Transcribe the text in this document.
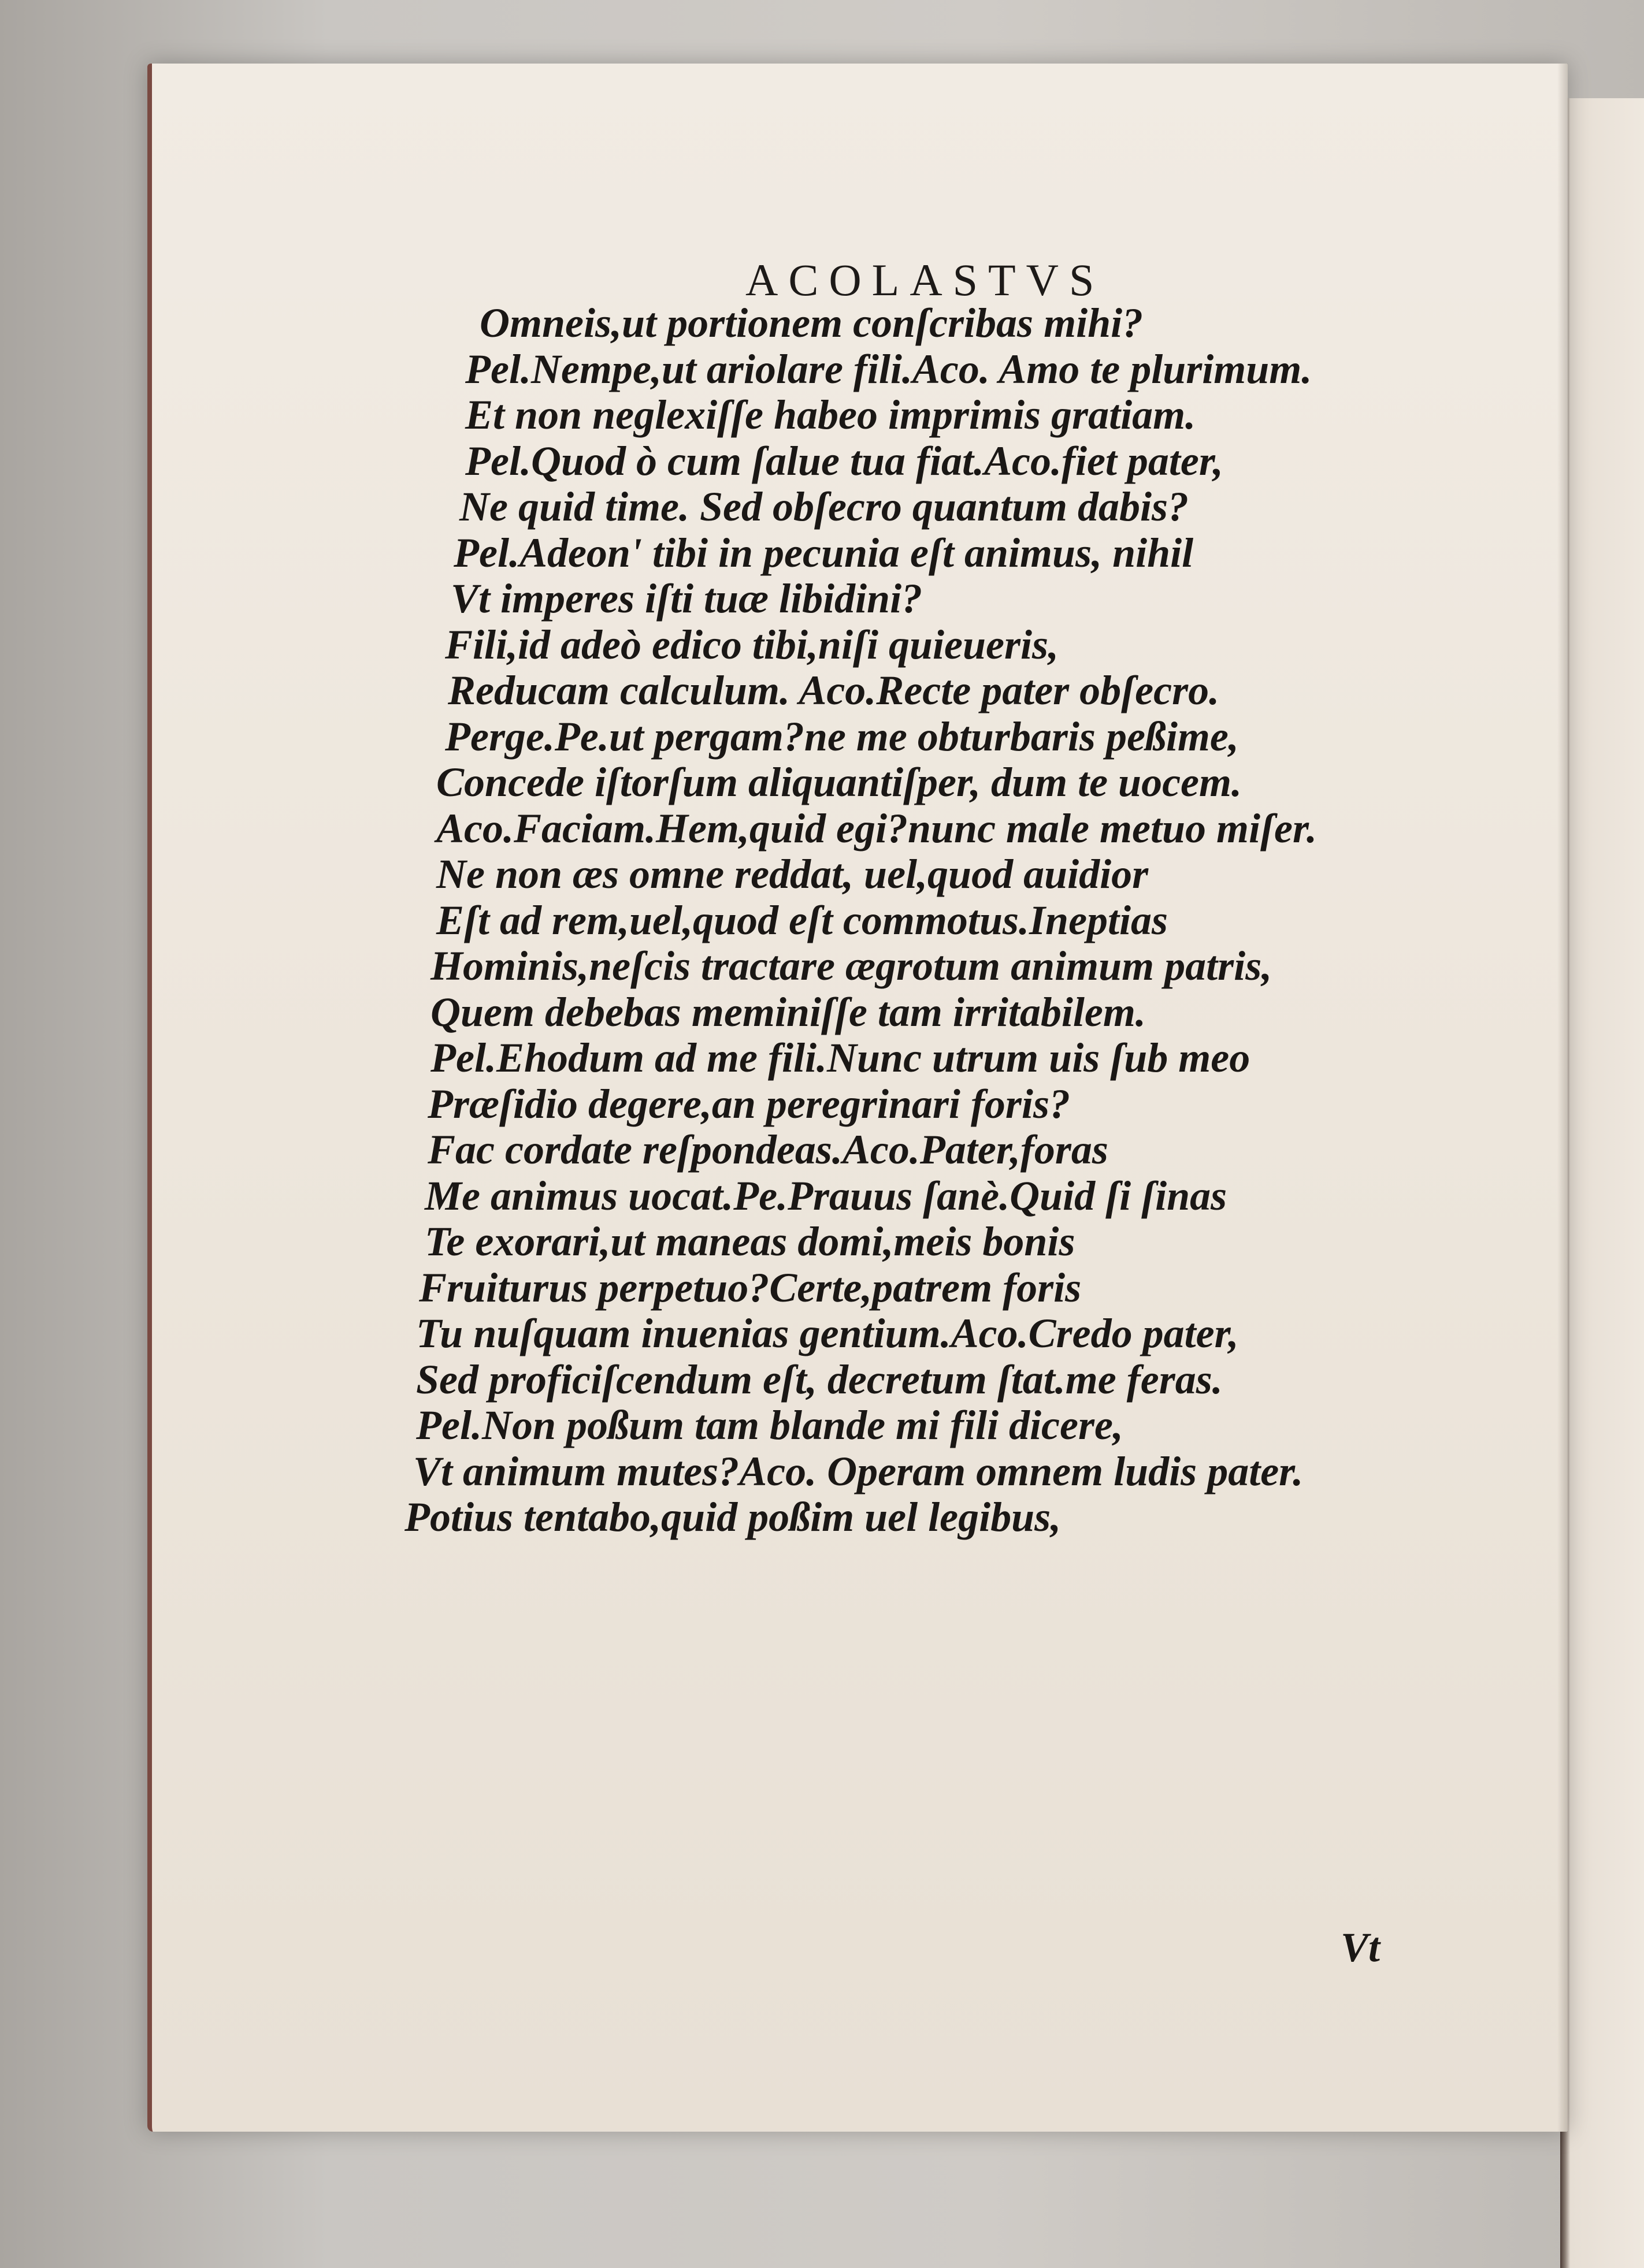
ACOLASTVS
Omneis,ut portionem conſcribas mihi?
Pel.Nempe,ut ariolare fili.Aco. Amo te plurimum.
Et non neglexiſſe habeo imprimis gratiam.
Pel.Quod ò cum ſalue tua fiat.Aco.fiet pater,
Ne quid time. Sed obſecro quantum dabis?
Pel.Adeon' tibi in pecunia eſt animus, nihil
Vt imperes iſti tuæ libidini?
Fili,id adeò edico tibi,niſi quieueris,
Reducam calculum. Aco.Recte pater obſecro.
Perge.Pe.ut pergam?ne me obturbaris peßime,
Concede iſtorſum aliquantiſper, dum te uocem.
Aco.Faciam.Hem,quid egi?nunc male metuo miſer.
Ne non æs omne reddat, uel,quod auidior
Eſt ad rem,uel,quod eſt commotus.Ineptias
Hominis,neſcis tractare ægrotum animum patris,
Quem debebas meminiſſe tam irritabilem.
Pel.Ehodum ad me fili.Nunc utrum uis ſub meo
Præſidio degere,an peregrinari foris?
Fac cordate reſpondeas.Aco.Pater,foras
Me animus uocat.Pe.Prauus ſanè.Quid ſi ſinas
Te exorari,ut maneas domi,meis bonis
Fruiturus perpetuo?Certe,patrem foris
Tu nuſquam inuenias gentium.Aco.Credo pater,
Sed proficiſcendum eſt, decretum ſtat.me feras.
Pel.Non poßum tam blande mi fili dicere,
Vt animum mutes?Aco. Operam omnem ludis pater.
Potius tentabo,quid poßim uel legibus,
Vt
